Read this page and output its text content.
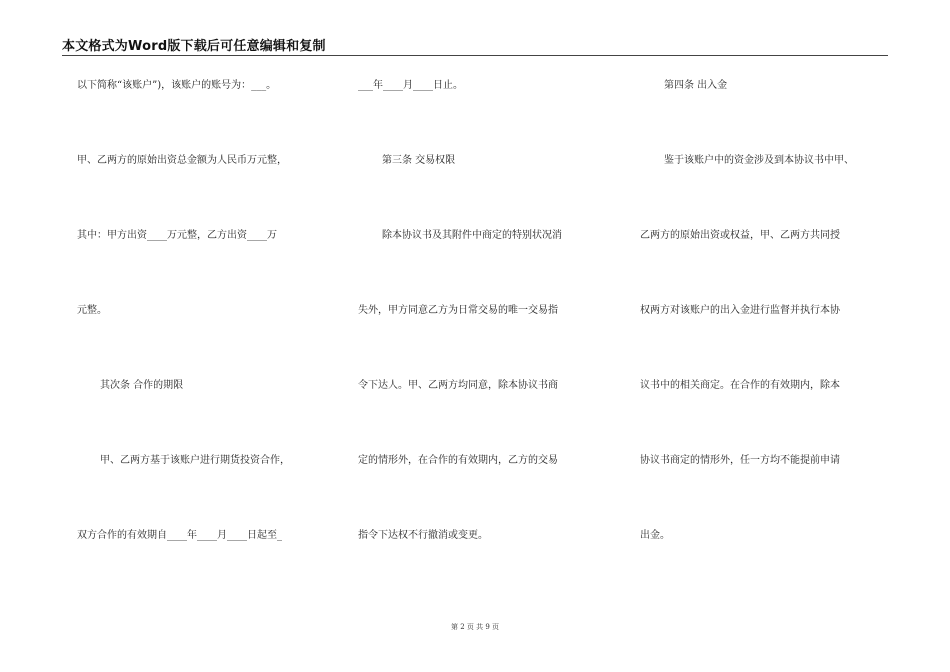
本文格式为Word版下载后可任意编辑和复制
以下简称“该账户”)，该账户的账号为：___。
甲、乙两方的原始出资总金额为人民币万元整，
其中：甲方出资____万元整，乙方出资____万
元整。
其次条 合作的期限
甲、乙两方基于该账户进行期货投资合作，
双方合作的有效期自____年____月____日起至_
___年____月____日止。
第三条 交易权限
除本协议书及其附件中商定的特别状况消
失外，甲方同意乙方为日常交易的唯一交易指
令下达人。甲、乙两方均同意，除本协议书商
定的情形外，在合作的有效期内，乙方的交易
指令下达权不行撤消或变更。
第四条 出入金
鉴于该账户中的资金涉及到本协议书中甲、
乙两方的原始出资或权益，甲、乙两方共同授
权两方对该账户的出入金进行监督并执行本协
议书中的相关商定。在合作的有效期内，除本
协议书商定的情形外，任一方均不能提前申请
出金。
第 2 页 共 9 页
